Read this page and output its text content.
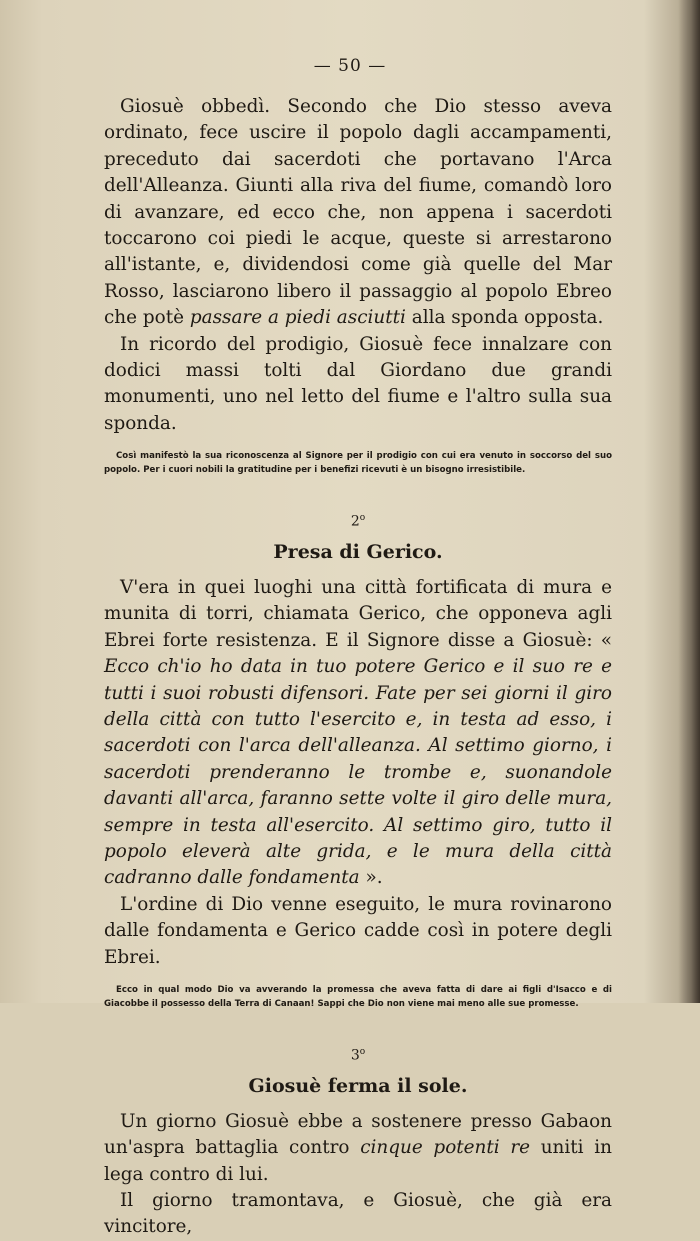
— 50 —

Giosuè obbedì. Secondo che Dio stesso aveva ordinato, fece uscire il popolo dagli accampamenti, preceduto dai sacerdoti che portavano l'Arca dell'Alleanza. Giunti alla riva del fiume, comandò loro di avanzare, ed ecco che, non appena i sacerdoti toccarono coi piedi le acque, queste si arrestarono all'istante, e, dividendosi come già quelle del Mar Rosso, lasciarono libero il passaggio al popolo Ebreo che potè passare a piedi asciutti alla sponda opposta.

In ricordo del prodigio, Giosuè fece innalzare con dodici massi tolti dal Giordano due grandi monumenti, uno nel letto del fiume e l'altro sulla sua sponda.

Così manifestò la sua riconoscenza al Signore per il prodigio con cui era venuto in soccorso del suo popolo. Per i cuori nobili la gratitudine per i benefizi ricevuti è un bisogno irresistibile.

2$^o$
Presa di Gerico.

V'era in quei luoghi una città fortificata di mura e munita di torri, chiamata Gerico, che opponeva agli Ebrei forte resistenza. E il Signore disse a Giosuè: « Ecco ch'io ho data in tuo potere Gerico e il suo re e tutti i suoi robusti difensori. Fate per sei giorni il giro della città con tutto l'esercito e, in testa ad esso, i sacerdoti con l'arca dell'alleanza. Al settimo giorno, i sacerdoti prenderanno le trombe e, suonandole davanti all'arca, faranno sette volte il giro delle mura, sempre in testa all'esercito. Al settimo giro, tutto il popolo eleverà alte grida, e le mura della città cadranno dalle fondamenta ».

L'ordine di Dio venne eseguito, le mura rovinarono dalle fondamenta e Gerico cadde così in potere degli Ebrei.

Ecco in qual modo Dio va avverando la promessa che aveva fatta di dare ai figli d'Isacco e di Giacobbe il possesso della Terra di Canaan! Sappi che Dio non viene mai meno alle sue promesse.

3$^o$
Giosuè ferma il sole.

Un giorno Giosuè ebbe a sostenere presso Gabaon un'aspra battaglia contro cinque potenti re uniti in lega contro di lui.

Il giorno tramontava, e Giosuè, che già era vincitore,
